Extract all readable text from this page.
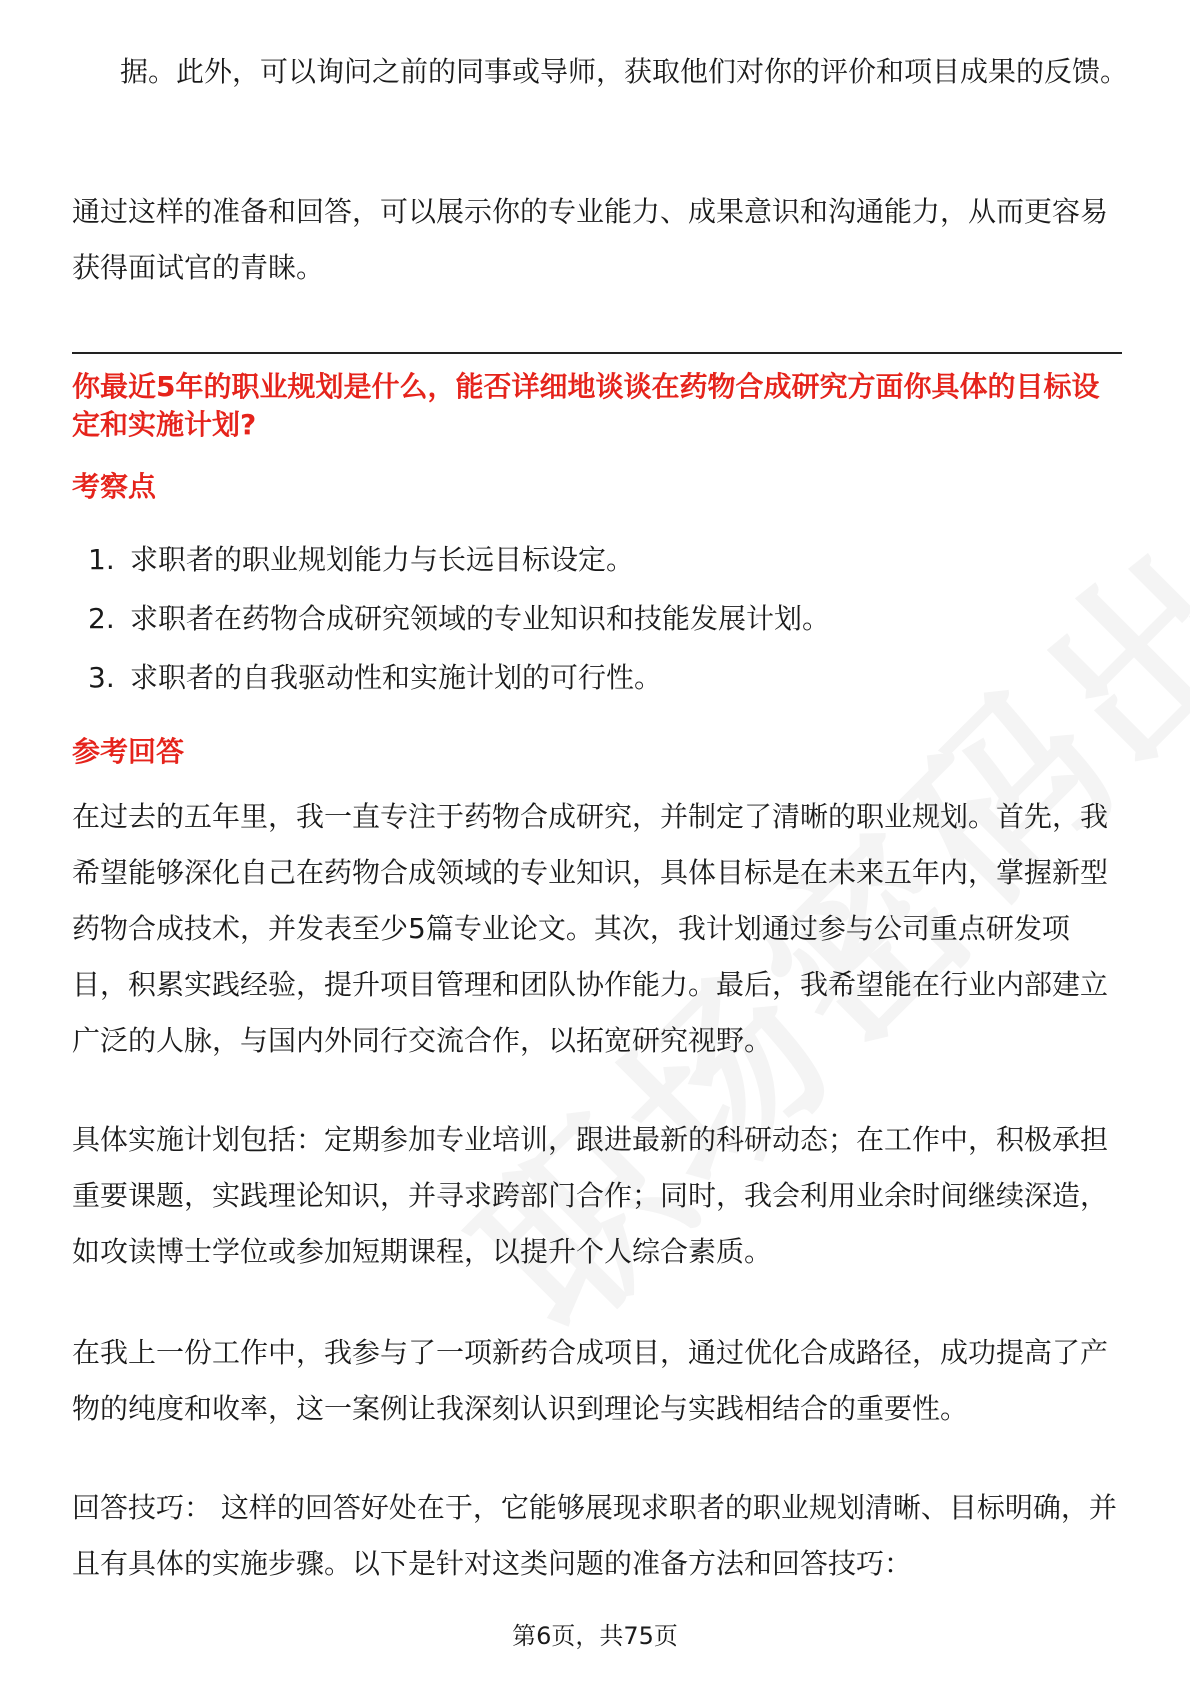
据。此外，可以询问之前的同事或导师，获取他们对你的评价和项目成果的反馈。

通过这样的准备和回答，可以展示你的专业能力、成果意识和沟通能力，从而更容易获得面试官的青睐。

你最近5年的职业规划是什么，能否详细地谈谈在药物合成研究方面你具体的目标设定和实施计划?
考察点
1. 求职者的职业规划能力与长远目标设定。
2. 求职者在药物合成研究领域的专业知识和技能发展计划。
3. 求职者的自我驱动性和实施计划的可行性。
参考回答

在过去的五年里，我一直专注于药物合成研究，并制定了清晰的职业规划。首先，我希望能够深化自己在药物合成领域的专业知识，具体目标是在未来五年内，掌握新型药物合成技术，并发表至少5篇专业论文。其次，我计划通过参与公司重点研发项目，积累实践经验，提升项目管理和团队协作能力。最后，我希望能在行业内部建立广泛的人脉，与国内外同行交流合作，以拓宽研究视野。

具体实施计划包括：定期参加专业培训，跟进最新的科研动态；在工作中，积极承担重要课题，实践理论知识，并寻求跨部门合作；同时，我会利用业余时间继续深造，如攻读博士学位或参加短期课程，以提升个人综合素质。

在我上一份工作中，我参与了一项新药合成项目，通过优化合成路径，成功提高了产物的纯度和收率，这一案例让我深刻认识到理论与实践相结合的重要性。

回答技巧： 这样的回答好处在于，它能够展现求职者的职业规划清晰、目标明确，并且有具体的实施步骤。以下是针对这类问题的准备方法和回答技巧：

第6页，共75页
